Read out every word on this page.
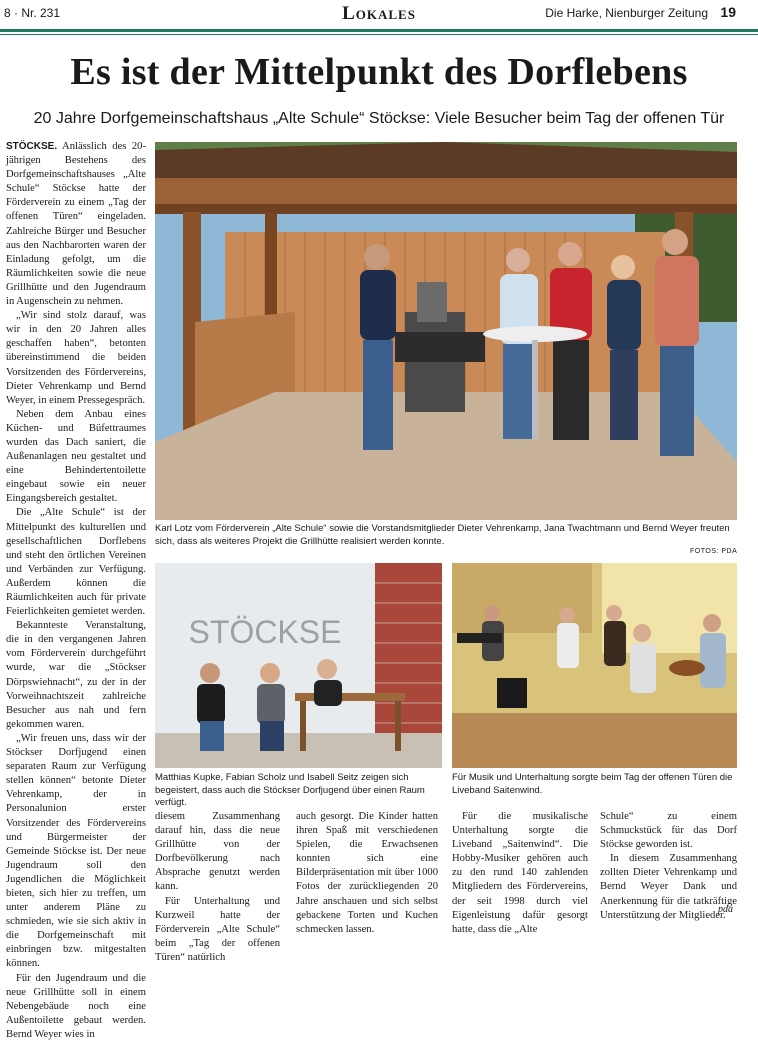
8 · Nr. 231	Lokales	Die Harke, Nienburger Zeitung 19
Es ist der Mittelpunkt des Dorflebens
20 Jahre Dorfgemeinschaftshaus „Alte Schule“ Stöckse: Viele Besucher beim Tag der offenen Tür

STÖCKSE. Anlässlich des 20-jährigen Bestehens des Dorfgemeinschaftshauses „Alte Schule“ Stöckse hatte der Förderverein zu einem „Tag der offenen Türen“ eingeladen. Zahlreiche Bürger und Besucher aus den Nachbarorten waren der Einladung gefolgt, um die Räumlichkeiten sowie die neue Grillhütte und den Jugendraum in Augenschein zu nehmen.

„Wir sind stolz darauf, was wir in den 20 Jahren alles geschaffen haben“, betonten übereinstimmend die beiden Vorsitzenden des Fördervereins, Dieter Vehrenkamp und Bernd Weyer, in einem Pressegespräch.

Neben dem Anbau eines Küchen- und Büfettraumes wurden das Dach saniert, die Außenanlagen neu gestaltet und eine Behindertentoilette eingebaut sowie ein neuer Eingangsbereich gestaltet.

Die „Alte Schule“ ist der Mittelpunkt des kulturellen und gesellschaftlichen Dorflebens und steht den örtlichen Vereinen und Verbänden zur Verfügung. Außerdem können die Räumlichkeiten auch für private Feierlichkeiten gemietet werden.

Bekannteste Veranstaltung, die in den vergangenen Jahren vom Förderverein durchgeführt wurde, war die „Stöckser Dörpswiehnacht“, zu der in der Vorweihnachtszeit zahlreiche Besucher aus nah und fern gekommen waren.

„Wir freuen uns, dass wir der Stöckser Dorfjugend einen separaten Raum zur Verfügung stellen können“ betonte Dieter Vehrenkamp, der in Personalunion erster Vorsitzender des Fördervereins und Bürgermeister der Gemeinde Stöckse ist. Der neue Jugendraum soll den Jugendlichen die Möglichkeit bieten, sich hier zu treffen, um unter anderem Pläne zu schmieden, wie sie sich aktiv in die Dorfgemeinschaft mit einbringen bzw. mitgestalten können.

Für den Jugendraum und die neue Grillhütte soll in einem Nebengebäude noch eine Außentoilette gebaut werden. Bernd Weyer wies in

Karl Lotz vom Förderverein „Alte Schule“ sowie die Vorstandsmitglieder Dieter Vehrenkamp, Jana Twachtmann und Bernd Weyer freuten sich, dass als weiteres Projekt die Grillhütte realisiert werden konnte.
FOTOS: PDA
STÖCKSE
Matthias Kupke, Fabian Scholz und Isabell Seitz zeigen sich begeistert, dass auch die Stöckser Dorfjugend über einen Raum verfügt.
Für Musik und Unterhaltung sorgte beim Tag der offenen Türen die Liveband Saitenwind.

diesem Zusammenhang darauf hin, dass die neue Grillhütte von der Dorfbevölkerung nach Absprache genutzt werden kann.

Für Unterhaltung und Kurzweil hatte der Förderverein „Alte Schule“ beim „Tag der offenen Türen“ natürlich

auch gesorgt. Die Kinder hatten ihren Spaß mit verschiedenen Spielen, die Erwachsenen konnten sich eine Bilderpräsentation mit über 1000 Fotos der zurückliegenden 20 Jahre anschauen und sich selbst gebackene Torten und Kuchen schmecken lassen.

Für die musikalische Unterhaltung sorgte die Liveband „Saitenwind“. Die Hobby-Musiker gehören auch zu den rund 140 zahlenden Mitgliedern des Fördervereins, der seit 1998 durch viel Eigenleistung dafür gesorgt hatte, dass die „Alte

Schule“ zu einem Schmuckstück für das Dorf Stöckse geworden ist.

In diesem Zusammenhang zollten Dieter Vehrenkamp und Bernd Weyer Dank und Anerkennung für die tatkräftige Unterstützung der Mitglieder.

pda
